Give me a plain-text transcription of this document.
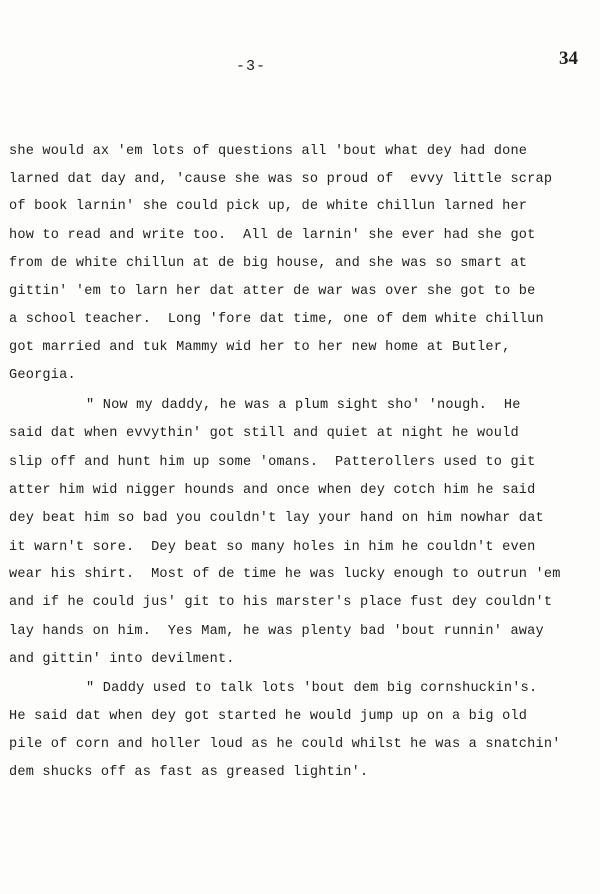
-3-	34
she would ax 'em lots of questions all 'bout what dey had done
larned dat day and, 'cause she was so proud of  evvy little scrap
of book larnin' she could pick up, de white chillun larned her
how to read and write too.  All de larnin' she ever had she got
from de white chillun at de big house, and she was so smart at
gittin' 'em to larn her dat atter de war was over she got to be
a school teacher.  Long 'fore dat time, one of dem white chillun
got married and tuk Mammy wid her to her new home at Butler,
Georgia.
" Now my daddy, he was a plum sight sho' 'nough.  He
said dat when evvythin' got still and quiet at night he would
slip off and hunt him up some 'omans.  Patterollers used to git
atter him wid nigger hounds and once when dey cotch him he said
dey beat him so bad you couldn't lay your hand on him nowhar dat
it warn't sore.  Dey beat so many holes in him he couldn't even
wear his shirt.  Most of de time he was lucky enough to outrun 'em
and if he could jus' git to his marster's place fust dey couldn't
lay hands on him.  Yes Mam, he was plenty bad 'bout runnin' away
and gittin' into devilment.
" Daddy used to talk lots 'bout dem big cornshuckin's.
He said dat when dey got started he would jump up on a big old
pile of corn and holler loud as he could whilst he was a snatchin'
dem shucks off as fast as greased lightin'.
